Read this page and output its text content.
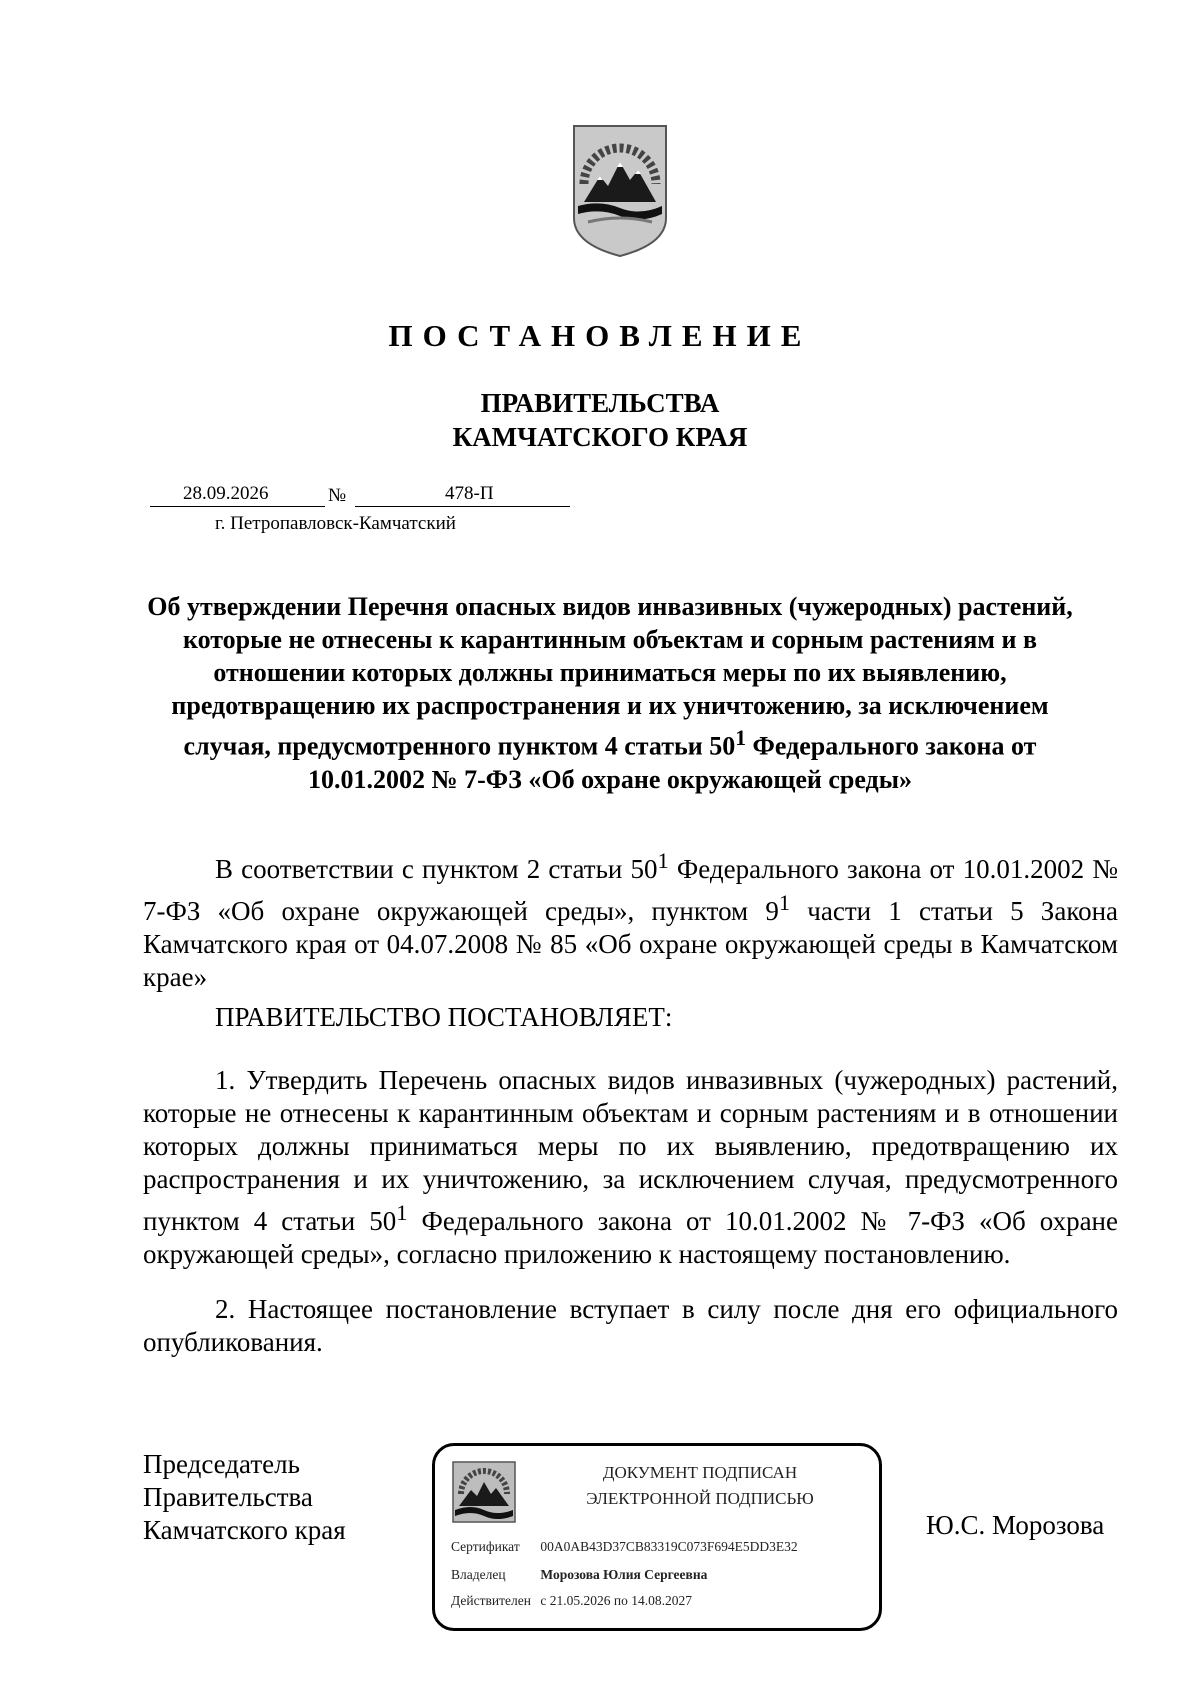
ПОСТАНОВЛЕНИЕ
ПРАВИТЕЛЬСТВА
КАМЧАТСКОГО КРАЯ
28.09.2026	№	478-П
г. Петропавловск-Камчатский
Об утверждении Перечня опасных видов инвазивных (чужеродных) растений, которые не отнесены к карантинным объектам и сорным растениям и в отношении которых должны приниматься меры по их выявлению, предотвращению их распространения и их уничтожению, за исключением случая, предусмотренного пунктом 4 статьи $50^1$ Федерального закона от 10.01.2002 № 7-ФЗ «Об охране окружающей среды»
В соответствии с пунктом 2 статьи $50^1$ Федерального закона от 10.01.2002 № 7-ФЗ «Об охране окружающей среды», пунктом $9^1$ части 1 статьи 5 Закона Камчатского края от 04.07.2008 № 85 «Об охране окружающей среды в Камчатском крае»
ПРАВИТЕЛЬСТВО ПОСТАНОВЛЯЕТ:
1. Утвердить Перечень опасных видов инвазивных (чужеродных) растений, которые не отнесены к карантинным объектам и сорным растениям и в отношении которых должны приниматься меры по их выявлению, предотвращению их распространения и их уничтожению, за исключением случая, предусмотренного пунктом 4 статьи $50^1$ Федерального закона от 10.01.2002 № 7-ФЗ «Об охране окружающей среды», согласно приложению к настоящему постановлению.
2. Настоящее постановление вступает в силу после дня его официального опубликования.
Председатель
Правительства
Камчатского края
ДОКУМЕНТ ПОДПИСАН
ЭЛЕКТРОННОЙ ПОДПИСЬЮ
Сертификат 00A0AB43D37CB83319C073F694E5DD3E32
Владелец	Морозова Юлия Сергеевна
Действителен с 21.05.2026 по 14.08.2027
Ю.С. Морозова
